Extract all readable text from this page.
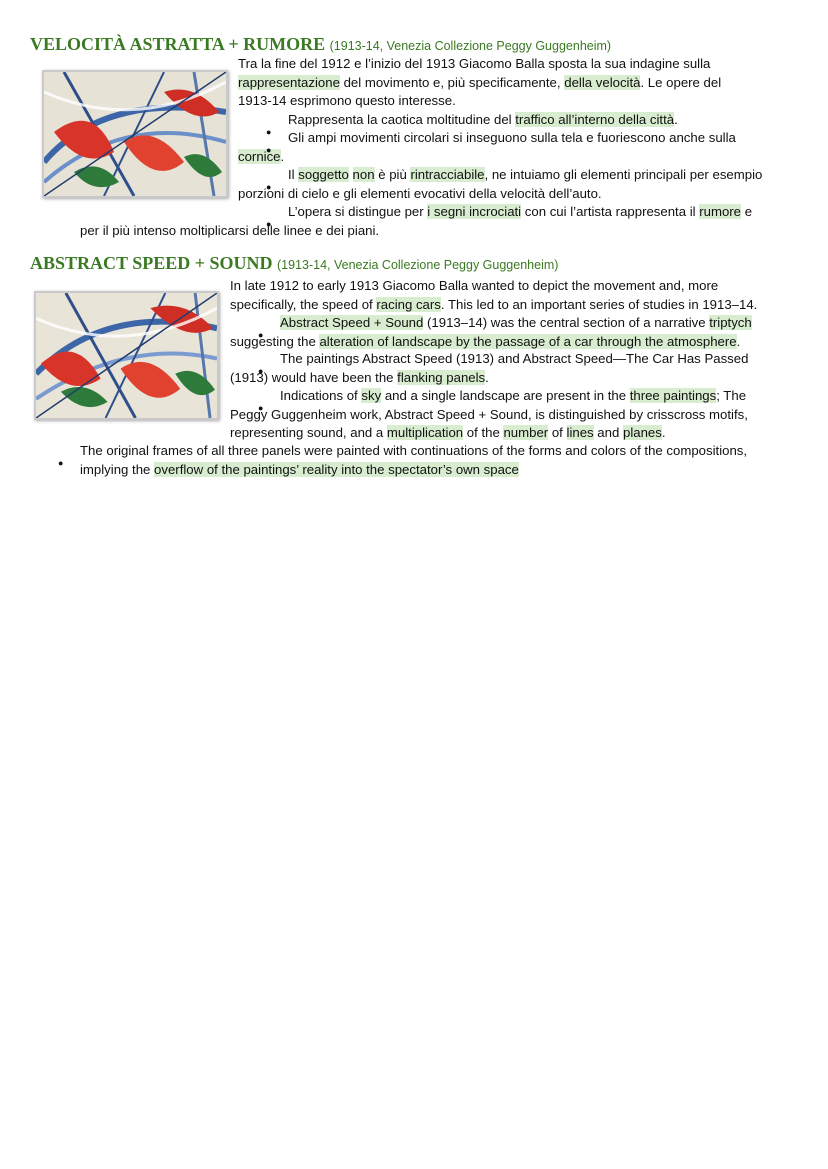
VELOCITÀ ASTRATTA + RUMORE (1913-14, Venezia Collezione Peggy Guggenheim)
Tra la fine del 1912 e l’inizio del 1913 Giacomo Balla sposta la sua indagine sulla
rappresentazione del movimento e, più specificamente, della velocità. Le opere del
1913-14 esprimono questo interesse.
Rappresenta la caotica moltitudine del traffico all’interno della città.
Gli ampi movimenti circolari si inseguono sulla tela e fuoriescono anche sulla
cornice.
Il soggetto non è più rintracciabile, ne intuiamo gli elementi principali per esempio
porzioni di cielo e gli elementi evocativi della velocità dell’auto.
L’opera si distingue per i segni incrociati con cui l’artista rappresenta il rumore e
per il più intenso moltiplicarsi delle linee e dei piani.
ABSTRACT SPEED + SOUND (1913-14, Venezia Collezione Peggy Guggenheim)
In late 1912 to early 1913 Giacomo Balla wanted to depict the movement and, more
specifically, the speed of racing cars. This led to an important series of studies in 1913–14.
Abstract Speed + Sound (1913–14) was the central section of a narrative triptych
suggesting the alteration of landscape by the passage of a car through the atmosphere.
The paintings Abstract Speed (1913) and Abstract Speed—The Car Has Passed
(1913) would have been the flanking panels.
Indications of sky and a single landscape are present in the three paintings; The
Peggy Guggenheim work, Abstract Speed + Sound, is distinguished by crisscross motifs,
representing sound, and a multiplication of the number of lines and planes.
The original frames of all three panels were painted with continuations of the forms and colors of the compositions,
implying the overflow of the paintings’ reality into the spectator’s own space
